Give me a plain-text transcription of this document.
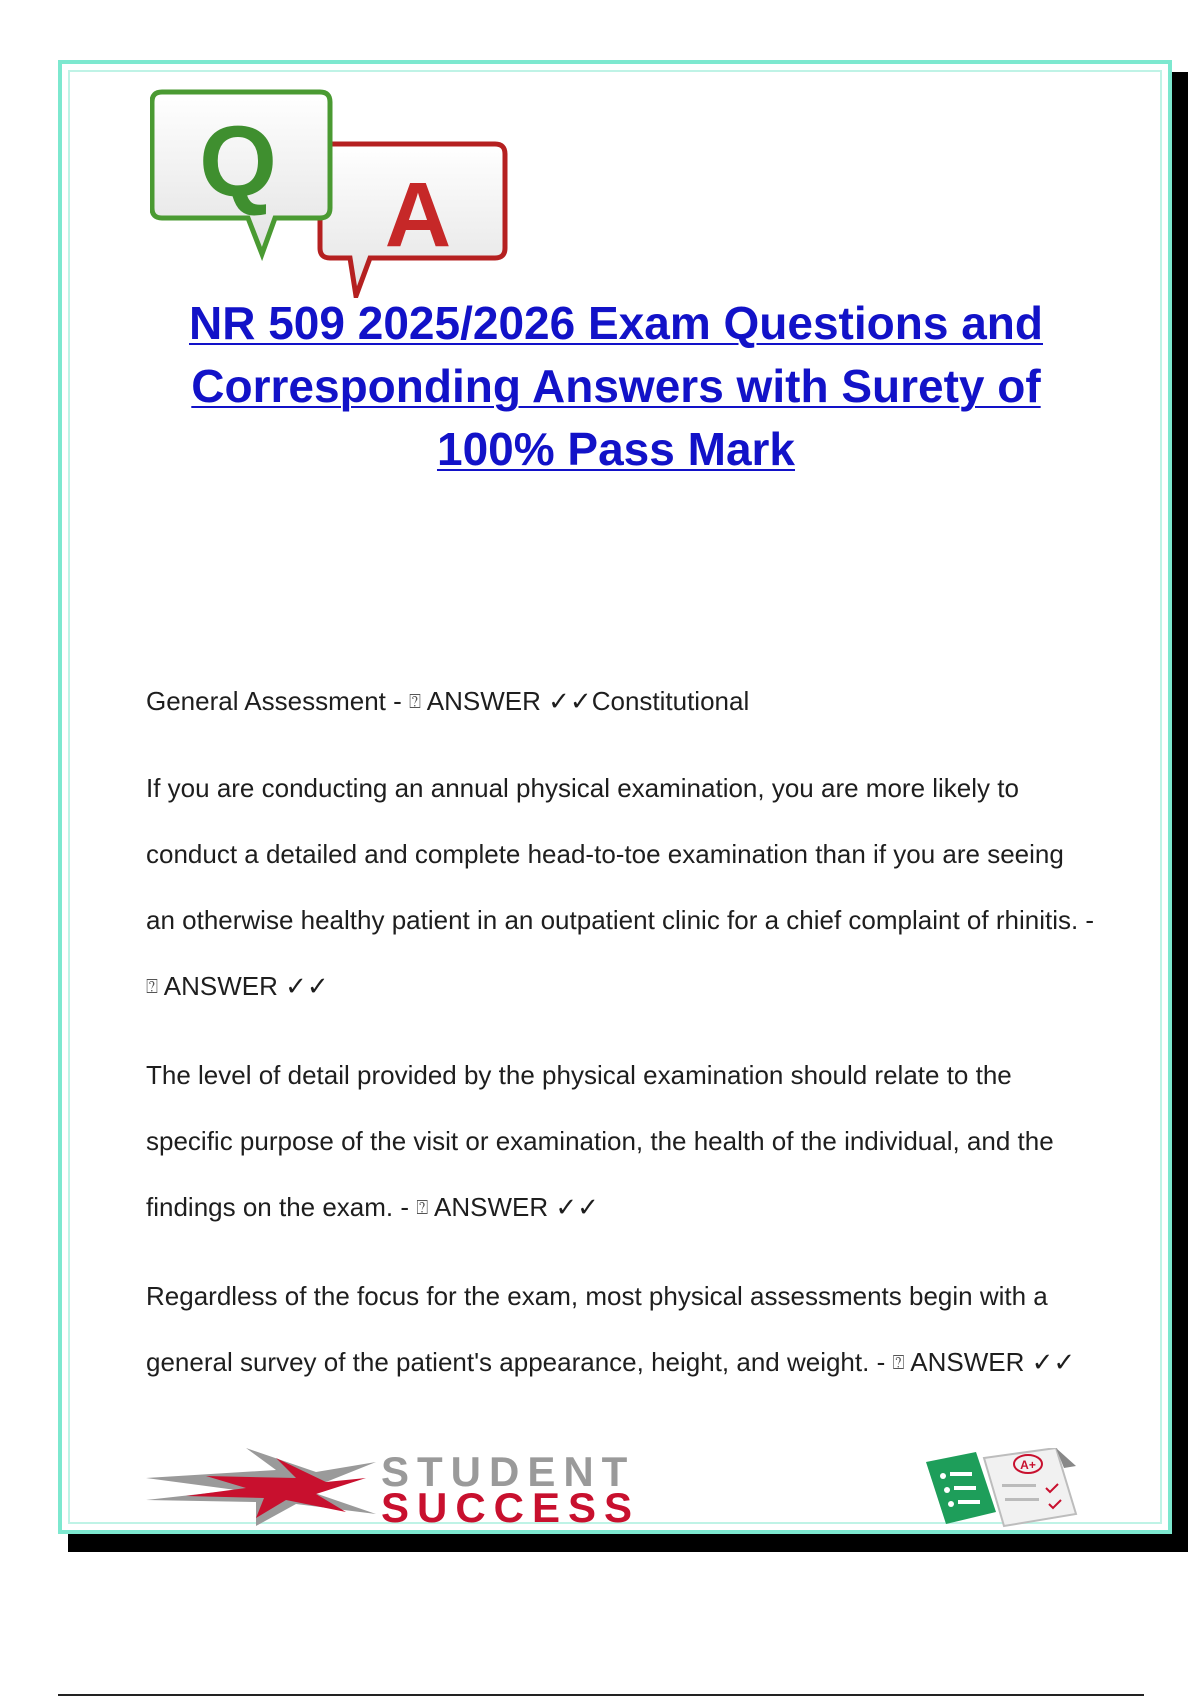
A
Q
NR 509 2025/2026 Exam Questions and Corresponding Answers with Surety of 100% Pass Mark

General Assessment - ⍰ ANSWER ✓✓Constitutional

If you are conducting an annual physical examination, you are more likely to conduct a detailed and complete head-to-toe examination than if you are seeing an otherwise healthy patient in an outpatient clinic for a chief complaint of rhinitis. - ⍰ ANSWER ✓✓

The level of detail provided by the physical examination should relate to the specific purpose of the visit or examination, the health of the individual, and the findings on the exam. - ⍰ ANSWER ✓✓

Regardless of the focus for the exam, most physical assessments begin with a general survey of the patient's appearance, height, and weight. - ⍰ ANSWER ✓✓

STUDENT
SUCCESS
A+
